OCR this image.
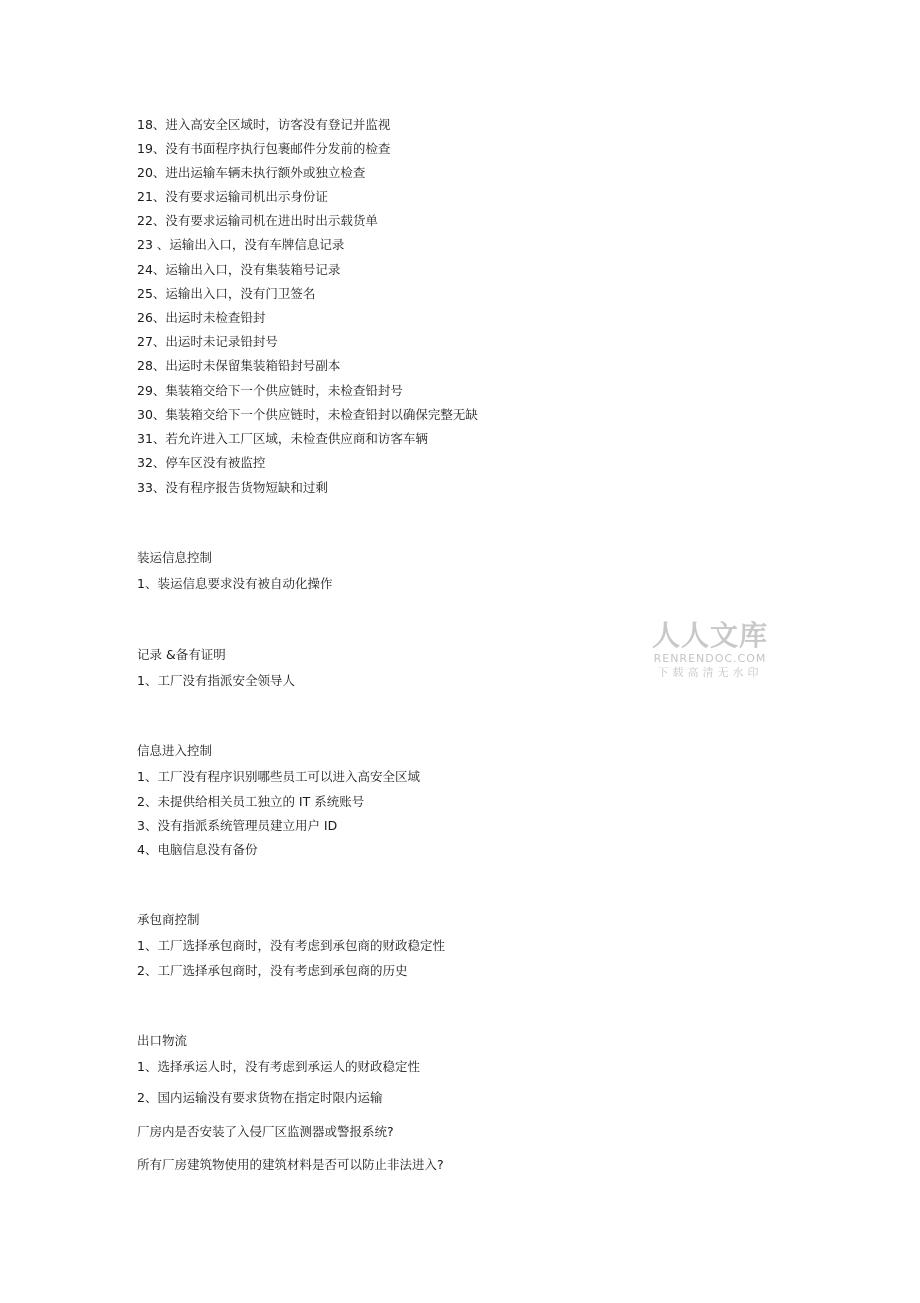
18、进入高安全区域时，访客没有登记并监视
19、没有书面程序执行包裹邮件分发前的检查
20、进出运输车辆未执行额外或独立检查
21、没有要求运输司机出示身份证
22、没有要求运输司机在进出时出示载货单
23 、运输出入口，没有车牌信息记录
24、运输出入口，没有集装箱号记录
25、运输出入口，没有门卫签名
26、出运时未检查铅封
27、出运时未记录铅封号
28、出运时未保留集装箱铅封号副本
29、集装箱交给下一个供应链时，未检查铅封号
30、集装箱交给下一个供应链时，未检查铅封以确保完整无缺
31、若允许进入工厂区域，未检查供应商和访客车辆
32、停车区没有被监控
33、没有程序报告货物短缺和过剩
装运信息控制
1、装运信息要求没有被自动化操作
记录 &备有证明
1、工厂没有指派安全领导人
信息进入控制
1、工厂没有程序识别哪些员工可以进入高安全区域
2、未提供给相关员工独立的 IT 系统账号
3、没有指派系统管理员建立用户 ID
4、电脑信息没有备份
承包商控制
1、工厂选择承包商时，没有考虑到承包商的财政稳定性
2、工厂选择承包商时，没有考虑到承包商的历史
出口物流
1、选择承运人时，没有考虑到承运人的财政稳定性
2、国内运输没有要求货物在指定时限内运输
厂房内是否安装了入侵厂区监测器或警报系统?
所有厂房建筑物使用的建筑材料是否可以防止非法进入?
人人文库
RENRENDOC.COM
下载高清无水印
